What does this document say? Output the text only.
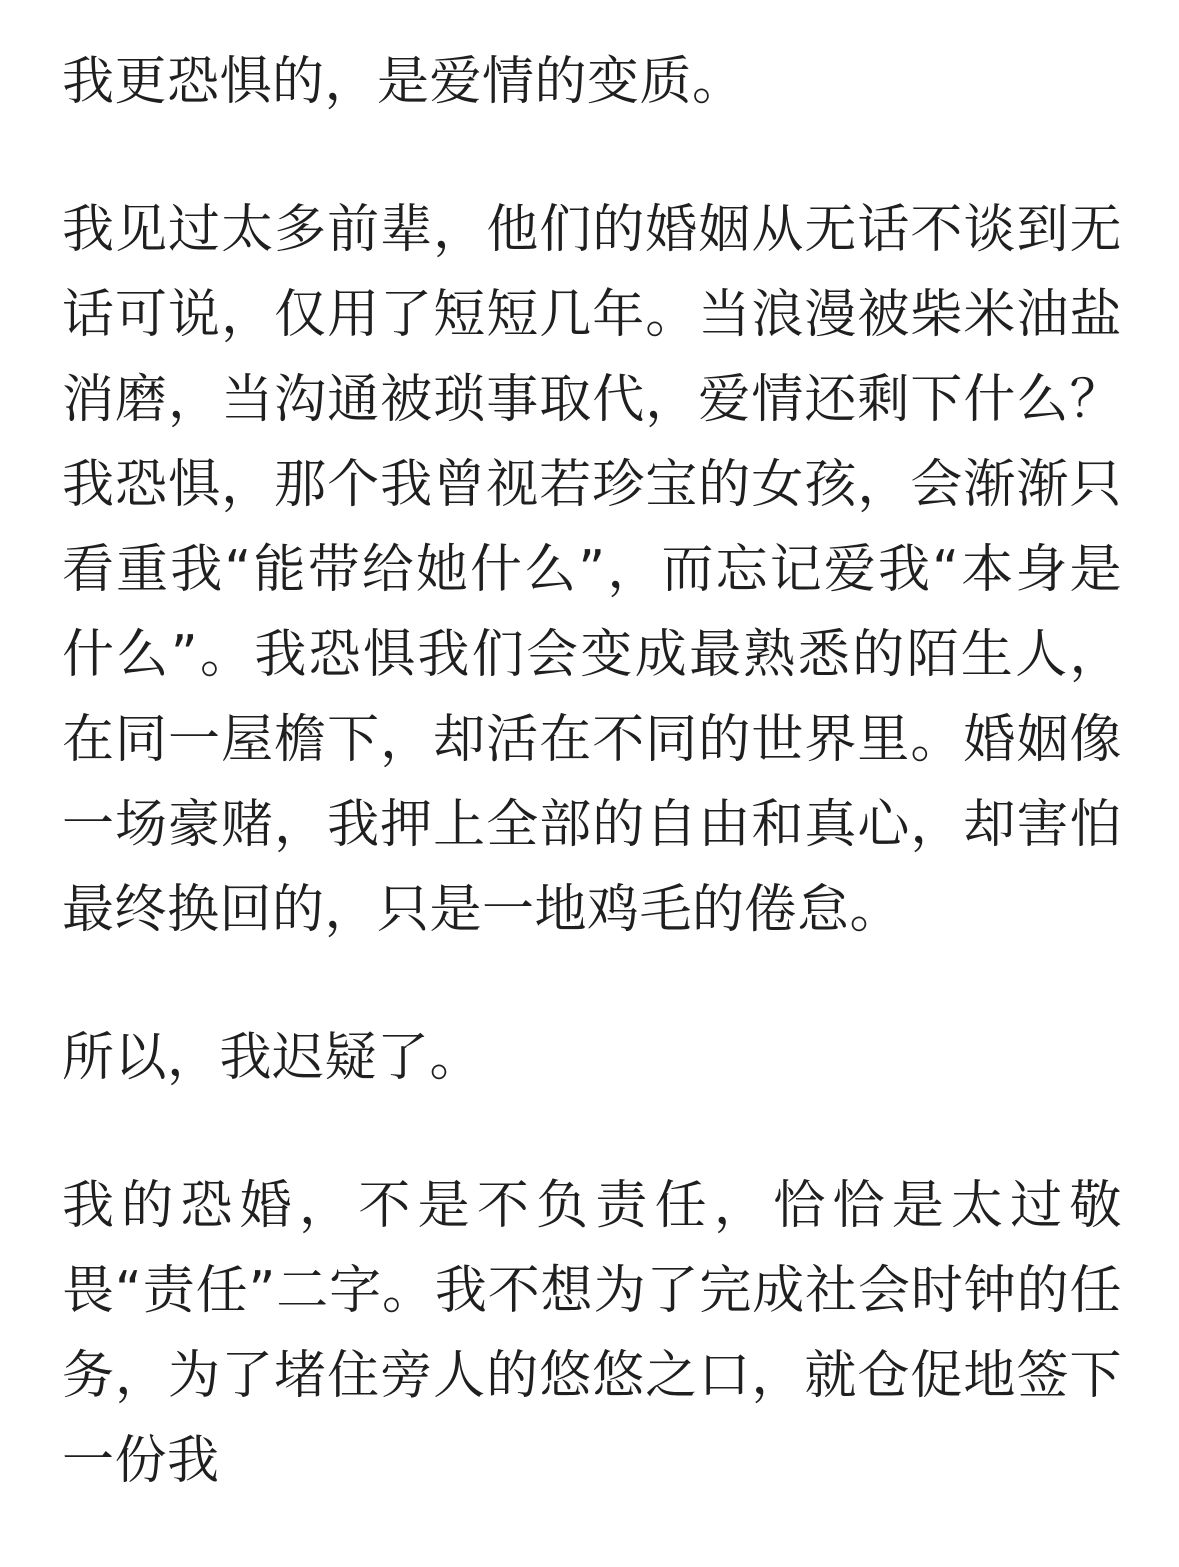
我更恐惧的，是爱情的变质。

我见过太多前辈，他们的婚姻从无话不谈到无话可说，仅用了短短几年。当浪漫被柴米油盐消磨，当沟通被琐事取代，爱情还剩下什么？我恐惧，那个我曾视若珍宝的女孩，会渐渐只看重我“能带给她什么”，而忘记爱我“本身是什么”。我恐惧我们会变成最熟悉的陌生人，在同一屋檐下，却活在不同的世界里。婚姻像一场豪赌，我押上全部的自由和真心，却害怕最终换回的，只是一地鸡毛的倦怠。

所以，我迟疑了。

我的恐婚，不是不负责任，恰恰是太过敬畏“责任”二字。我不想为了完成社会时钟的任务，为了堵住旁人的悠悠之口，就仓促地签下一份我
